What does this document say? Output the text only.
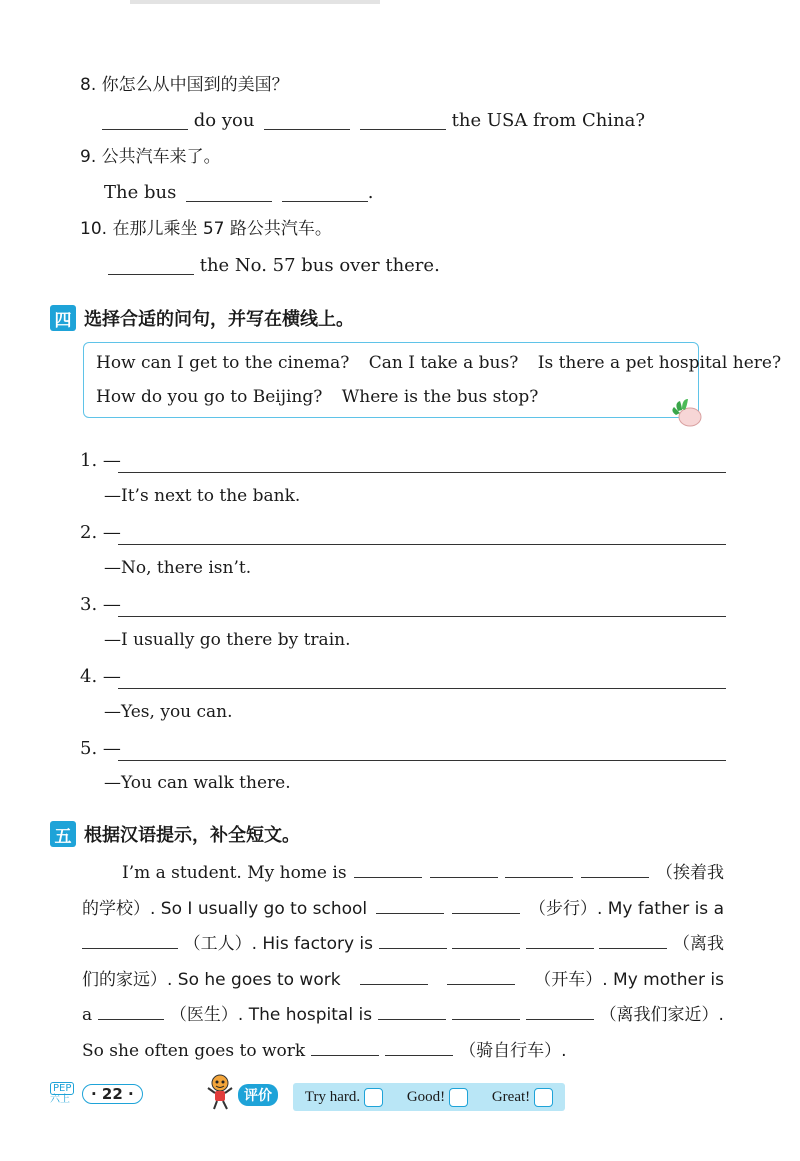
8. 你怎么从中国到的美国？
do you	the USA from China?
9. 公共汽车来了。
The bus	.
10. 在那儿乘坐 57 路公共汽车。
the No. 57 bus over there.
四 选择合适的问句，并写在横线上。
How can I get to the cinema? Can I take a bus? Is there a pet hospital here?
How do you go to Beijing? Where is the bus stop?
1. —
—It’s next to the bank.
2. —
—No, there isn’t.
3. —
—I usually go there by train.
4. —
—Yes, you can.
5. —
—You can walk there.
五 根据汉语提示，补全短文。
I’m a student. My home is	（挨着我
的学校）. So I usually go to school	（步行）. My father is a
（工人）. His factory is	（离我
们的家远）. So he goes to work	（开车）. My mother is
a	（医生）. The hospital is	（离我们家近）.
So she often goes to work	（骑自行车）.
PEP
六上	· 22 ·	评价	Try hard.	Good!	Great!
